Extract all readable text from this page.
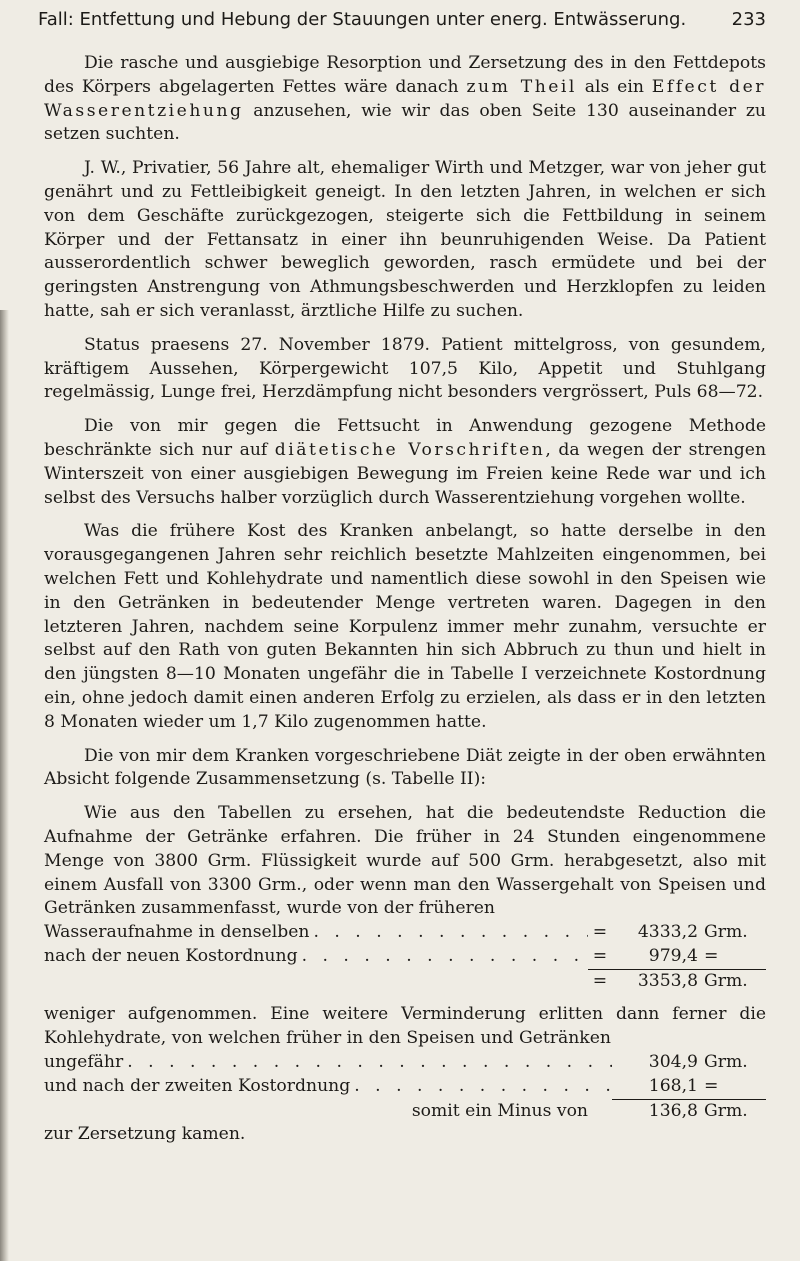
Fall: Entfettung und Hebung der Stauungen unter energ. Entwässerung.	233

Die rasche und ausgiebige Resorption und Zersetzung des in den Fettdepots des Körpers abgelagerten Fettes wäre danach zum Theil als ein Effect der Wasserentziehung anzusehen, wie wir das oben Seite 130 auseinander zu setzen suchten.

J. W., Privatier, 56 Jahre alt, ehemaliger Wirth und Metzger, war von jeher gut genährt und zu Fettleibigkeit geneigt. In den letzten Jahren, in welchen er sich von dem Geschäfte zurückgezogen, steigerte sich die Fettbildung in seinem Körper und der Fettansatz in einer ihn beunruhigenden Weise. Da Patient ausserordentlich schwer beweglich geworden, rasch ermüdete und bei der geringsten Anstrengung von Athmungsbeschwerden und Herzklopfen zu leiden hatte, sah er sich veranlasst, ärztliche Hilfe zu suchen.

Status praesens 27. November 1879. Patient mittelgross, von gesundem, kräftigem Aussehen, Körpergewicht 107,5 Kilo, Appetit und Stuhlgang regelmässig, Lunge frei, Herzdämpfung nicht besonders vergrössert, Puls 68—72.

Die von mir gegen die Fettsucht in Anwendung gezogene Methode beschränkte sich nur auf diätetische Vorschriften, da wegen der strengen Winterszeit von einer ausgiebigen Bewegung im Freien keine Rede war und ich selbst des Versuchs halber vorzüglich durch Wasserentziehung vorgehen wollte.

Was die frühere Kost des Kranken anbelangt, so hatte derselbe in den vorausgegangenen Jahren sehr reichlich besetzte Mahlzeiten eingenommen, bei welchen Fett und Kohlehydrate und namentlich diese sowohl in den Speisen wie in den Getränken in bedeutender Menge vertreten waren. Dagegen in den letzteren Jahren, nachdem seine Korpulenz immer mehr zunahm, versuchte er selbst auf den Rath von guten Bekannten hin sich Abbruch zu thun und hielt in den jüngsten 8—10 Monaten ungefähr die in Tabelle I verzeichnete Kostordnung ein, ohne jedoch damit einen anderen Erfolg zu erzielen, als dass er in den letzten 8 Monaten wieder um 1,7 Kilo zugenommen hatte.

Die von mir dem Kranken vorgeschriebene Diät zeigte in der oben erwähnten Absicht folgende Zusammensetzung (s. Tabelle II):

Wie aus den Tabellen zu ersehen, hat die bedeutendste Reduction die Aufnahme der Getränke erfahren. Die früher in 24 Stunden eingenommene Menge von 3800 Grm. Flüssigkeit wurde auf 500 Grm. herabgesetzt, also mit einem Ausfall von 3300 Grm., oder wenn man den Wassergehalt von Speisen und Getränken zusammenfasst, wurde von der früheren

Wasseraufnahme in denselben . . .	=	4333,2 Grm.
nach der neuen Kostordnung . . .	=	979,4 =
=	3353,8 Grm.

weniger aufgenommen. Eine weitere Verminderung erlitten dann ferner die Kohlehydrate, von welchen früher in den Speisen und Getränken

ungefähr . . .	304,9 Grm.
und nach der zweiten Kostordnung . . .	168,1 =
somit ein Minus von	136,8 Grm.

zur Zersetzung kamen.
